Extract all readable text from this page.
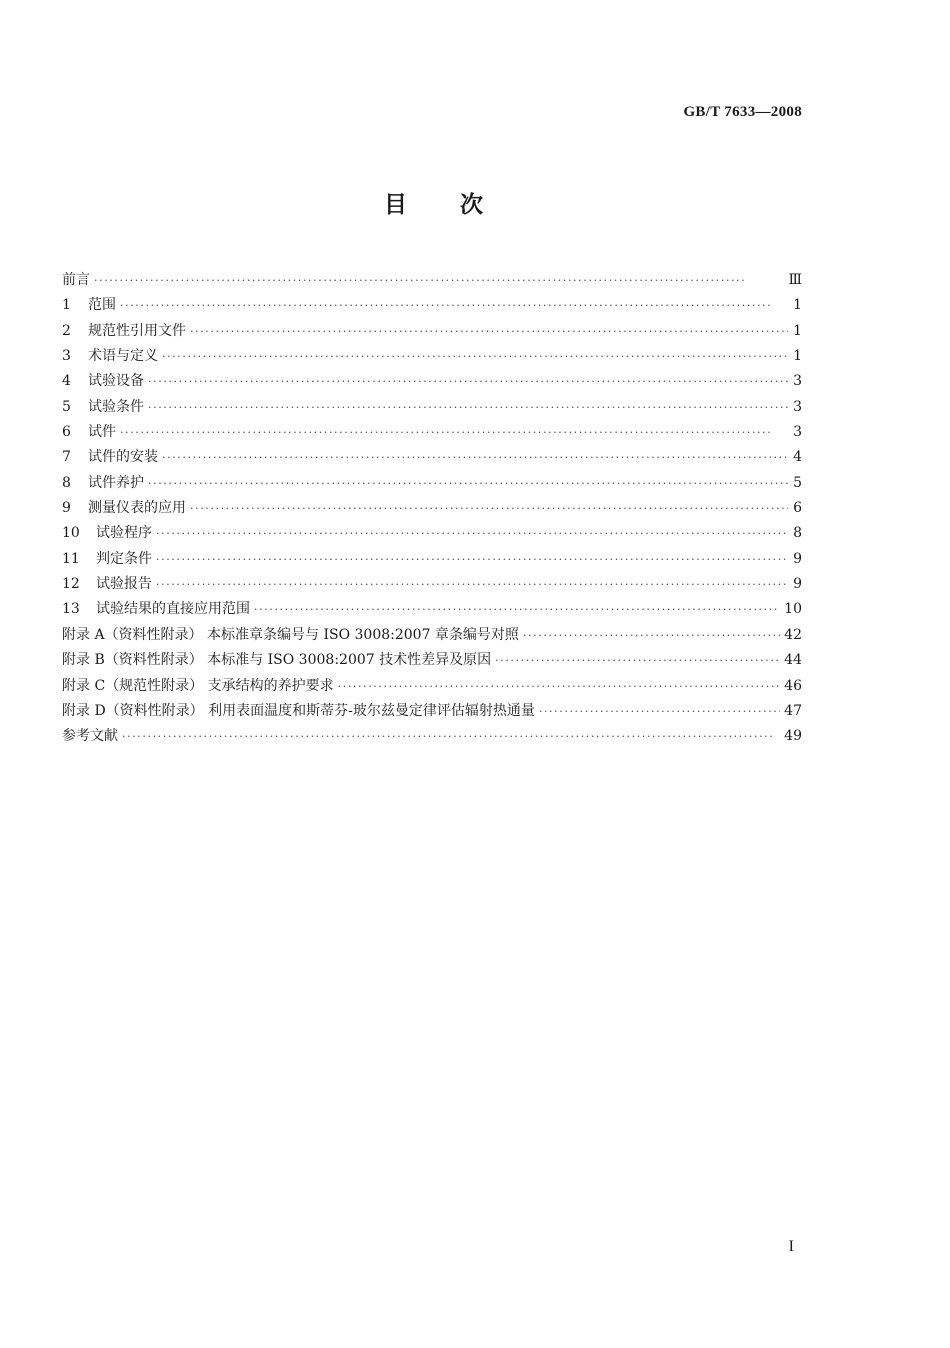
GB/T 7633—2008
目 次
前言 ·····	Ⅲ
1	范围 ·····	1
2	规范性引用文件 ·····	1
3	术语与定义 ·····	1
4	试验设备 ·····	3
5	试验条件 ·····	3
6	试件 ·····	3
7	试件的安装 ·····	4
8	试件养护 ·····	5
9	测量仪表的应用 ·····	6
10	试验程序 ·····	8
11	判定条件 ·····	9
12	试验报告 ·····	9
13	试验结果的直接应用范围 ·····	10
附录 A（资料性附录） 本标准章条编号与 ISO 3008:2007 章条编号对照 ·····	42
附录 B（资料性附录） 本标准与 ISO 3008:2007 技术性差异及原因 ·····	44
附录 C（规范性附录） 支承结构的养护要求 ·····	46
附录 D（资料性附录） 利用表面温度和斯蒂芬-玻尔兹曼定律评估辐射热通量 ·····	47
参考文献 ·····	49
I
